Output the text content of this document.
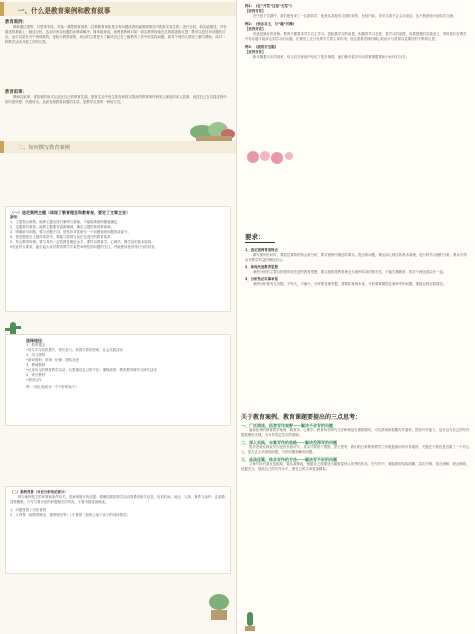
一、什么是教育案例和教育叙事
教育案例：
教师通过观察、反思等手段，对某一典型教育现象（这种教育现象是含有问题或者说疑难情境在内的真实发生的）进行分析，如实地描述，并在描述的基础上，阐述分析、达到对所含问题的诠释或解决。简单地来说，案例是教师对某一真实教育现象在总的描述和反思，既可以是针对问题的讨论，也可以是针对个别现象的，是较小教育现象，其目的主要是为了解决自己在了解教育工作中的实际问题，如对个别幼儿情况了解与帮助，或对一种教学活动开展工作的反思。
教育叙事：
教师以叙事，讲故事的形式记录在自己的教育实践、教育生活中发生的各种真实情况的教育事件和发人深省的动人故事，表述自己在实践过程中的所思所想、所感所为，从而发现教育问题的实质，是教学反思的一种好方式。
二、如何撰写教育案例
（一）选定案例主题（体现了教育理念和教育观，要定了文章主旨）
原则：
1．主题契合案例，能够主题出探讨案例与基础，不能脱离案例随意确定；
2．定题要有新意，能够主题要有创新精神，确定主题的角度要新颖。
3．明确针对问题，要与论题不同，是有针对性研究一个问题和尚问题的成部分；
4．把论题放在主题体现思考，要能与我国当前正在进行的教育改革；
5．符合教育规律，要与具有一定的教育理论水平，要符合教育学、心理学、教学论的基本原则。
5至此符合要求，能引起大家对教育教学中某些举例性的问题的关注，并能使读者获得行为的启发。
选择途径：
1．教育观念
•幼儿学习动机提升，家长参与；家园关系的密切；社会实践活动
2．幼儿规则
•游戏规则；常规；纪律；团结友爱
3．教师教研
•记录幼儿的教育教学活动；反思课后自己的不足；课程改革；教育教学研究与研究活动
4．家长教材
•家园合作
例：《别让他成为一个不好的孩子》
（二）案例背景（对应分析结论部分）
即与案例发生的环境和条件有关，是案例展开的前提；要概括描述教学活动背景的相关信息，包括时间、地点、人物、事件与条件；注意描述要聚焦，只写与要讨论的问题相关的内容，不要为描述而描述。
1．问题背景 / 实验背景
2．大背景（如教育理念、德育理念等）/ 小背景（如班上某个孩子的具体情况）
例1：《在“开荒”还是“无荒”》
【案例背景】
在中班下学期中，我们班有来了一位新同学，他是从其他幼儿园转来的，比较内向，在幼儿园不会主动说话、也不愿意和小朋友们交流。
例2：《快乐自主，与“端”共舞》
【案例背景】
民族是最好的老师。教育兴趣要求学生自主学习，是积极学习的前提。积极的学习态度，是学习的前提，有着很强的实践意义，同时我们在教学中有乐趣才能体会到学习的乐趣，在课堂上充分发挥学生的主体作用，而这需要老师的精心的设计与准备以及课后的不断的反思。
例3：《我的百宝箱》
【案例背景】
新年随着大年的到来，幼儿们在家庭中经历了很多事情，他们都有很多好玩的事情想要和小伙伴们分享。
要求：
1．选定案例背景特点
撰写案例分析时，要抓住事物的特点来分析，要对案例中描述的事实，提出的问题，要运用心理学的基本原理，进行科学合理的分析，要从中得出对教学有益的理论启示。
2．体现先进教育思想
案例分析的主要目的是体现先进的教育思想，要注意的是教育理念与案例本身的相关性，不能生搬硬套，将多个理念混杂在一起。
3．分析务必实事求是
案例分析要有实有据，不夸大，不缩小，分析要有理有据，要紧扣案例本身，分析要紧紧抓住案例中的问题，要能反映实际情况。
关于教育案例、教育课题要提出的三点思考：
一、广泛阅读，拓宽写作视野——解决不会写的问题
阅读优秀的教育教学案例、教育学、心理学、教育科学研究方法和理论专著和期刊，可以获取和积累写作素材，提高写作能力，也可以为自己的写作提供理论支撑，为写作奠定坚实的基础。
二、深入实践，丰富写作的思路——解决没得写的问题
很多老师反映说写作没有东西可写，其实只要善于观察、善于思考，我们的日常教育教学工作就是最好的写作素材，关键在于我们是否做了一个有心人，是否去主动发现问题、分析问题和解决问题。
三、品读佳篇，体会写作的方法——解决写不好的问题
文章写好后要反复推敲，要认真修改，根据自己需要适当地借鉴别人优秀的作品，在写作中，要能做到结构清晰、层次分明、语言流畅、观点鲜明、论据充分，提高自己的写作水平，使自己的文章更加精彩。
